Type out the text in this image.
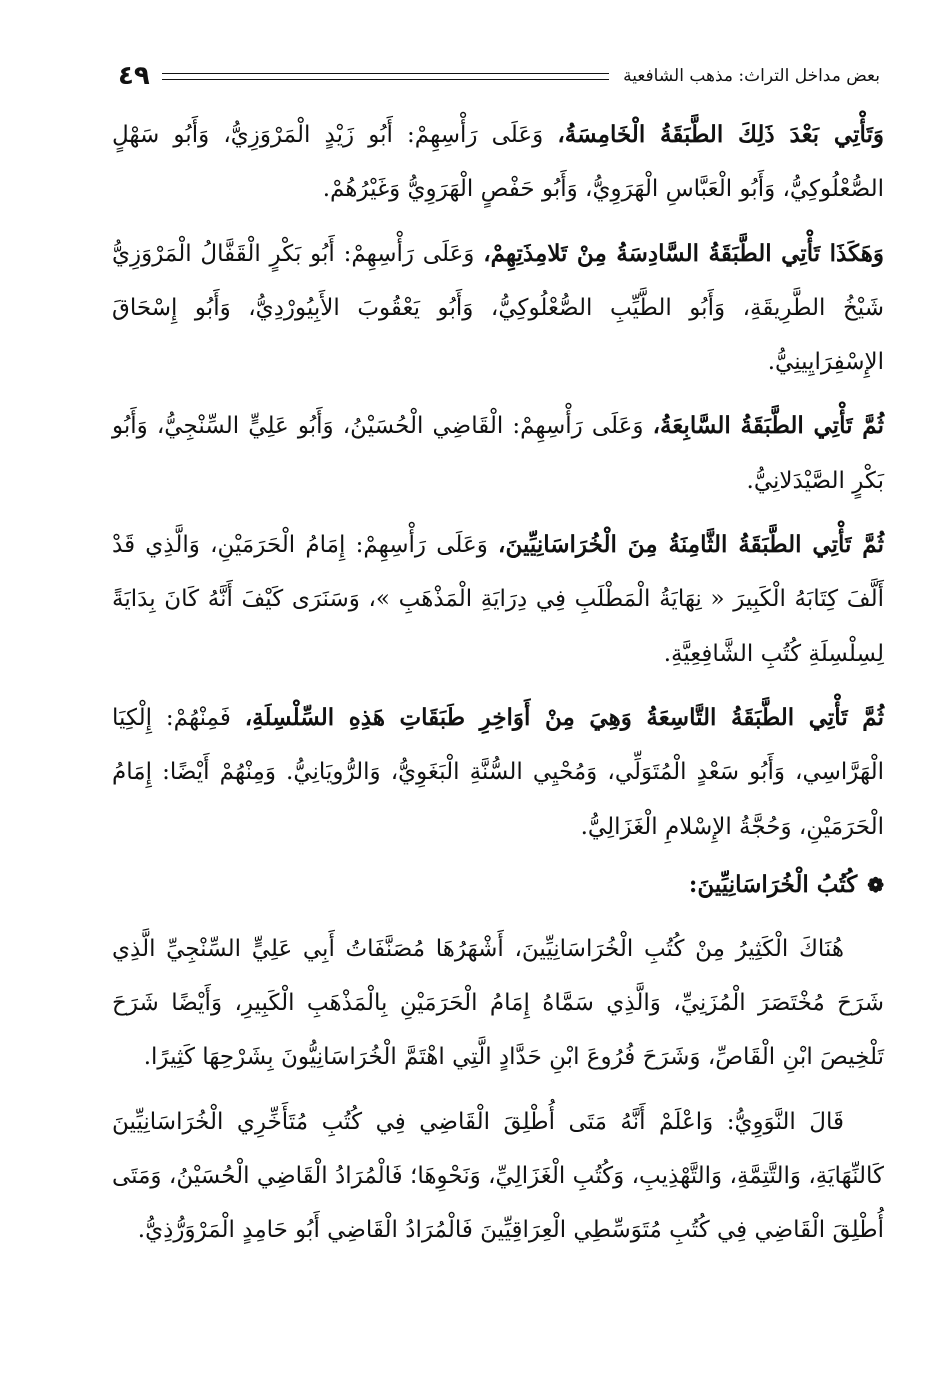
بعض مداخل التراث: مذهب الشافعية
٤٩

وَتَأْتِي بَعْدَ ذَلِكَ الطَّبَقَةُ الْخَامِسَةُ، وَعَلَى رَأْسِهِمْ: أَبُو زَيْدٍ الْمَرْوَزِيُّ، وَأَبُو سَهْلٍ الصُّعْلُوكِيُّ، وَأَبُو الْعَبَّاسِ الْهَرَوِيُّ، وَأَبُو حَفْصٍ الْهَرَوِيُّ وَغَيْرُهُمْ.

وَهَكَذَا تَأْتِي الطَّبَقَةُ السَّادِسَةُ مِنْ تَلامِذَتِهِمْ، وَعَلَى رَأْسِهِمْ: أَبُو بَكْرٍ الْقَفَّالُ الْمَرْوَزِيُّ شَيْخُ الطَّرِيقَةِ، وَأَبُو الطَّيِّبِ الصُّعْلُوكِيُّ، وَأَبُو يَعْقُوبَ الأَبِيُورْدِيُّ، وَأَبُو إِسْحَاقَ الإِسْفِرَايِينِيُّ.

ثُمَّ تَأْتِي الطَّبَقَةُ السَّابِعَةُ، وَعَلَى رَأْسِهِمْ: الْقَاضِي الْحُسَيْنُ، وَأَبُو عَلِيٍّ السِّنْجِيُّ، وَأَبُو بَكْرٍ الصَّيْدَلانِيُّ.

ثُمَّ تَأْتِي الطَّبَقَةُ الثَّامِنَةُ مِنَ الْخُرَاسَانِيِّينَ، وَعَلَى رَأْسِهِمْ: إِمَامُ الْحَرَمَيْنِ، وَالَّذِي قَدْ أَلَّفَ كِتَابَهُ الْكَبِيرَ « نِهَايَةُ الْمَطْلَبِ فِي دِرَايَةِ الْمَذْهَبِ »، وَسَنَرَى كَيْفَ أَنَّهُ كَانَ بِدَايَةً لِسِلْسِلَةِ كُتُبِ الشَّافِعِيَّةِ.

ثُمَّ تَأْتِي الطَّبَقَةُ التَّاسِعَةُ وَهِيَ مِنْ أَوَاخِرِ طَبَقَاتِ هَذِهِ السِّلْسِلَةِ، فَمِنْهُمْ: إِلْكِيَا الْهَرَّاسِي، وَأَبُو سَعْدٍ الْمُتَوَلِّي، وَمُحْيِي السُّنَّةِ الْبَغَوِيُّ، وَالرُّويَانِيُّ. وَمِنْهُمْ أَيْضًا: إِمَامُ الْحَرَمَيْنِ، وَحُجَّةُ الإِسْلامِ الْغَزَالِيُّ.

❁
كُتُبُ الْخُرَاسَانِيِّينَ:

هُنَاكَ الْكَثِيرُ مِنْ كُتُبِ الْخُرَاسَانِيِّينَ، أَشْهَرُهَا مُصَنَّفَاتُ أَبِي عَلِيٍّ السِّنْجِيِّ الَّذِي شَرَحَ مُخْتَصَرَ الْمُزَنِيِّ، وَالَّذِي سَمَّاهُ إِمَامُ الْحَرَمَيْنِ بِالْمَذْهَبِ الْكَبِيرِ، وَأَيْضًا شَرَحَ تَلْخِيصَ ابْنِ الْقَاصِّ، وَشَرَحَ فُرُوعَ ابْنِ حَدَّادٍ الَّتِي اهْتَمَّ الْخُرَاسَانِيُّونَ بِشَرْحِهَا كَثِيرًا.

قَالَ النَّوَوِيُّ: وَاعْلَمْ أَنَّهُ مَتَى أُطْلِقَ الْقَاضِي فِي كُتُبِ مُتَأَخِّرِي الْخُرَاسَانِيِّينَ كَالنِّهَايَةِ، وَالتَّتِمَّةِ، وَالتَّهْذِيبِ، وَكُتُبِ الْغَزَالِيِّ، وَنَحْوِهَا؛ فَالْمُرَادُ الْقَاضِي الْحُسَيْنُ، وَمَتَى أُطْلِقَ الْقَاضِي فِي كُتُبِ مُتَوَسِّطِي الْعِرَاقِيِّينَ فَالْمُرَادُ الْقَاضِي أَبُو حَامِدٍ الْمَرْوَرُّذِيُّ.
